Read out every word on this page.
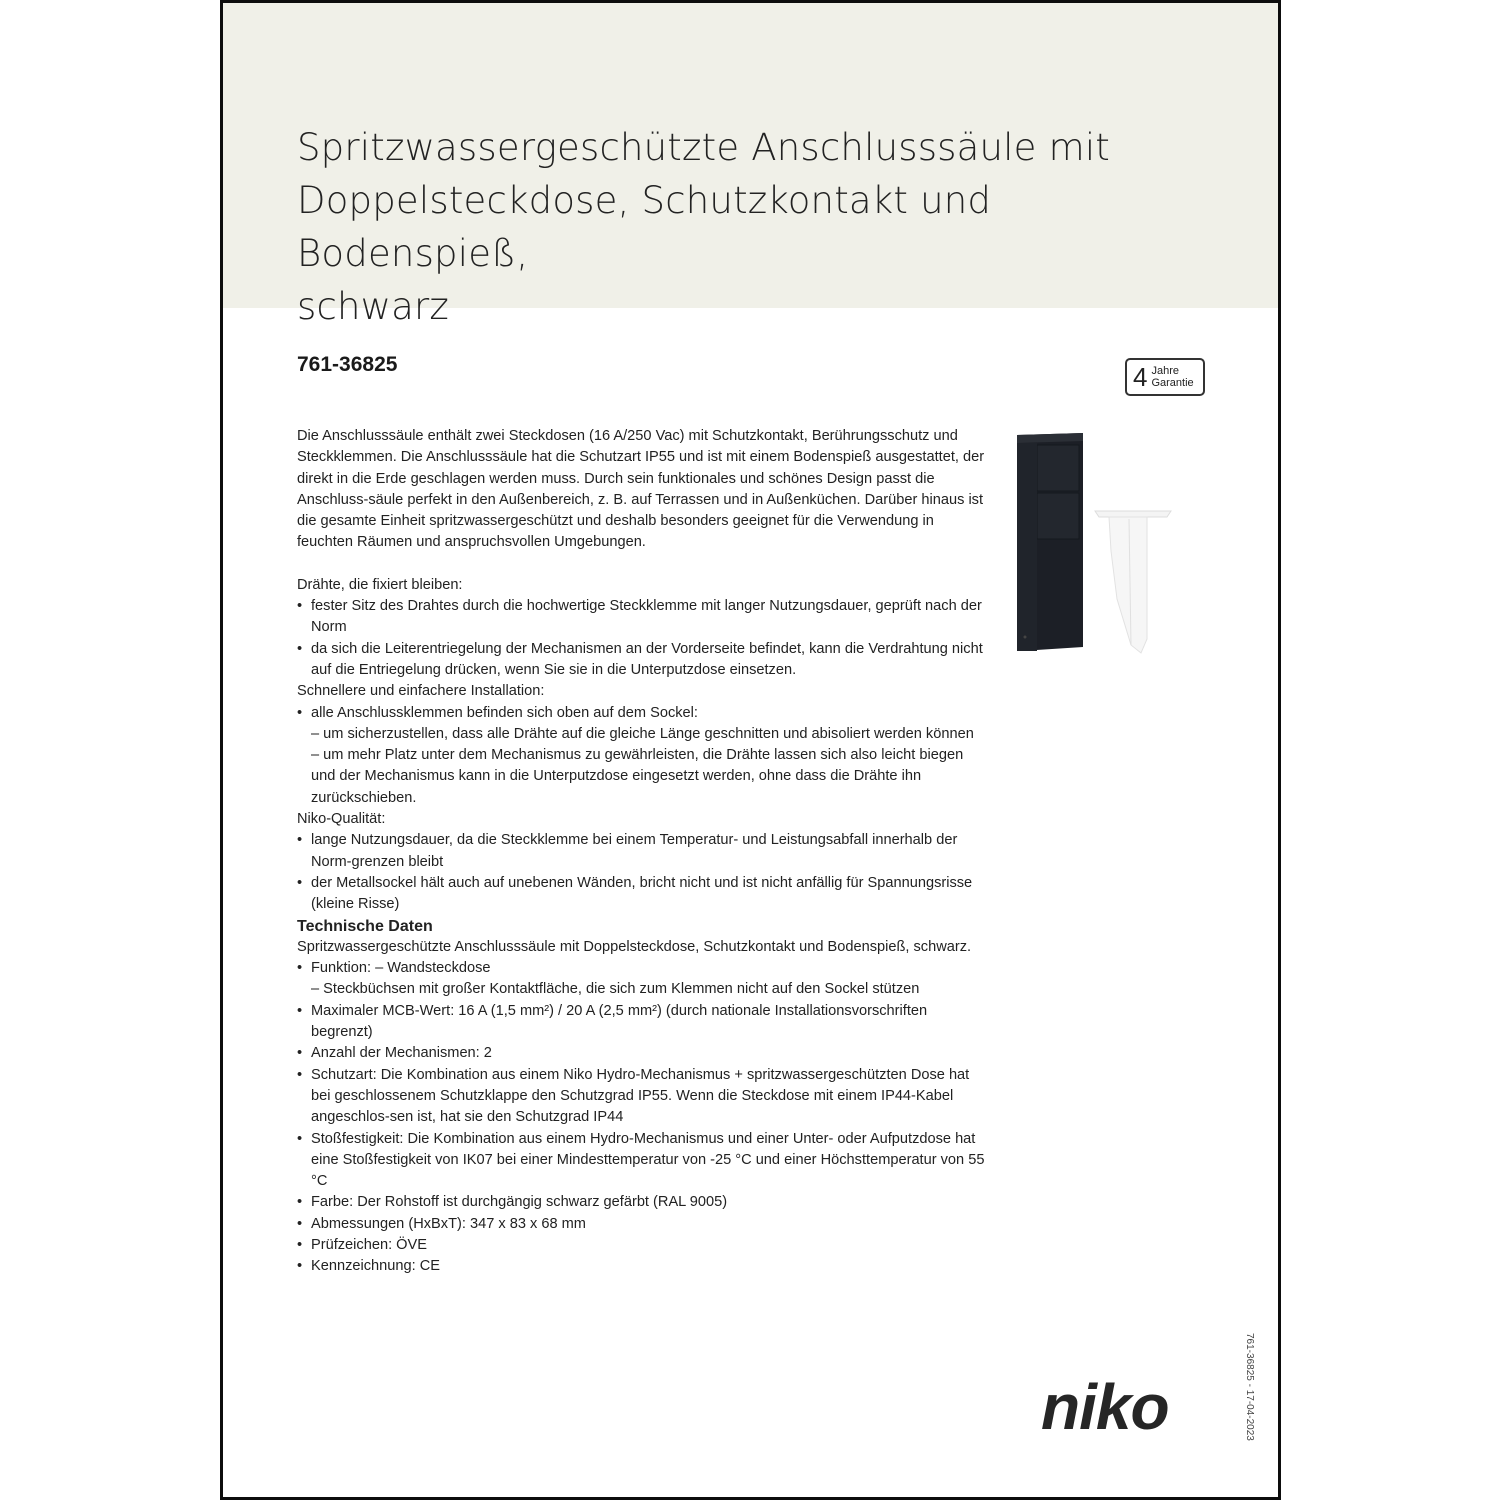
Spritzwassergeschützte Anschlusssäule mit
Doppelsteckdose, Schutzkontakt und Bodenspieß,
schwarz
761-36825	4 Jahre
Garantie

Die Anschlusssäule enthält zwei Steckdosen (16 A/250 Vac) mit Schutzkontakt, Berührungsschutz und Steckklemmen. Die Anschlusssäule hat die Schutzart IP55 und ist mit einem Bodenspieß ausgestattet, der direkt in die Erde geschlagen werden muss. Durch sein funktionales und schönes Design passt die Anschluss-säule perfekt in den Außenbereich, z. B. auf Terrassen und in Außenküchen. Darüber hinaus ist die gesamte Einheit spritzwassergeschützt und deshalb besonders geeignet für die Verwendung in feuchten Räumen und anspruchsvollen Umgebungen.

Drähte, die fixiert bleiben:

• fester Sitz des Drahtes durch die hochwertige Steckklemme mit langer Nutzungsdauer, geprüft nach der Norm

• da sich die Leiterentriegelung der Mechanismen an der Vorderseite befindet, kann die Verdrahtung nicht auf die Entriegelung drücken, wenn Sie sie in die Unterputzdose einsetzen.

Schnellere und einfachere Installation:

• alle Anschlussklemmen befinden sich oben auf dem Sockel:

– um sicherzustellen, dass alle Drähte auf die gleiche Länge geschnitten und abisoliert werden können

– um mehr Platz unter dem Mechanismus zu gewährleisten, die Drähte lassen sich also leicht biegen und der Mechanismus kann in die Unterputzdose eingesetzt werden, ohne dass die Drähte ihn zurückschieben.

Niko-Qualität:

• lange Nutzungsdauer, da die Steckklemme bei einem Temperatur- und Leistungsabfall innerhalb der Norm-grenzen bleibt

• der Metallsockel hält auch auf unebenen Wänden, bricht nicht und ist nicht anfällig für Spannungsrisse (kleine Risse)

Technische Daten

Spritzwassergeschützte Anschlusssäule mit Doppelsteckdose, Schutzkontakt und Bodenspieß, schwarz.

• Funktion: – Wandsteckdose

– Steckbüchsen mit großer Kontaktfläche, die sich zum Klemmen nicht auf den Sockel stützen

• Maximaler MCB-Wert: 16 A (1,5 mm²) / 20 A (2,5 mm²) (durch nationale Installationsvorschriften begrenzt)

• Anzahl der Mechanismen: 2

• Schutzart: Die Kombination aus einem Niko Hydro-Mechanismus + spritzwassergeschützten Dose hat bei geschlossenem Schutzklappe den Schutzgrad IP55. Wenn die Steckdose mit einem IP44-Kabel angeschlos-sen ist, hat sie den Schutzgrad IP44

• Stoßfestigkeit: Die Kombination aus einem Hydro-Mechanismus und einer Unter- oder Aufputzdose hat eine Stoßfestigkeit von IK07 bei einer Mindesttemperatur von -25 °C und einer Höchsttemperatur von 55 °C

• Farbe: Der Rohstoff ist durchgängig schwarz gefärbt (RAL 9005)

• Abmessungen (HxBxT): 347 x 83 x 68 mm

• Prüfzeichen: ÖVE

• Kennzeichnung: CE

761-36825 - 17-04-2023
niko
